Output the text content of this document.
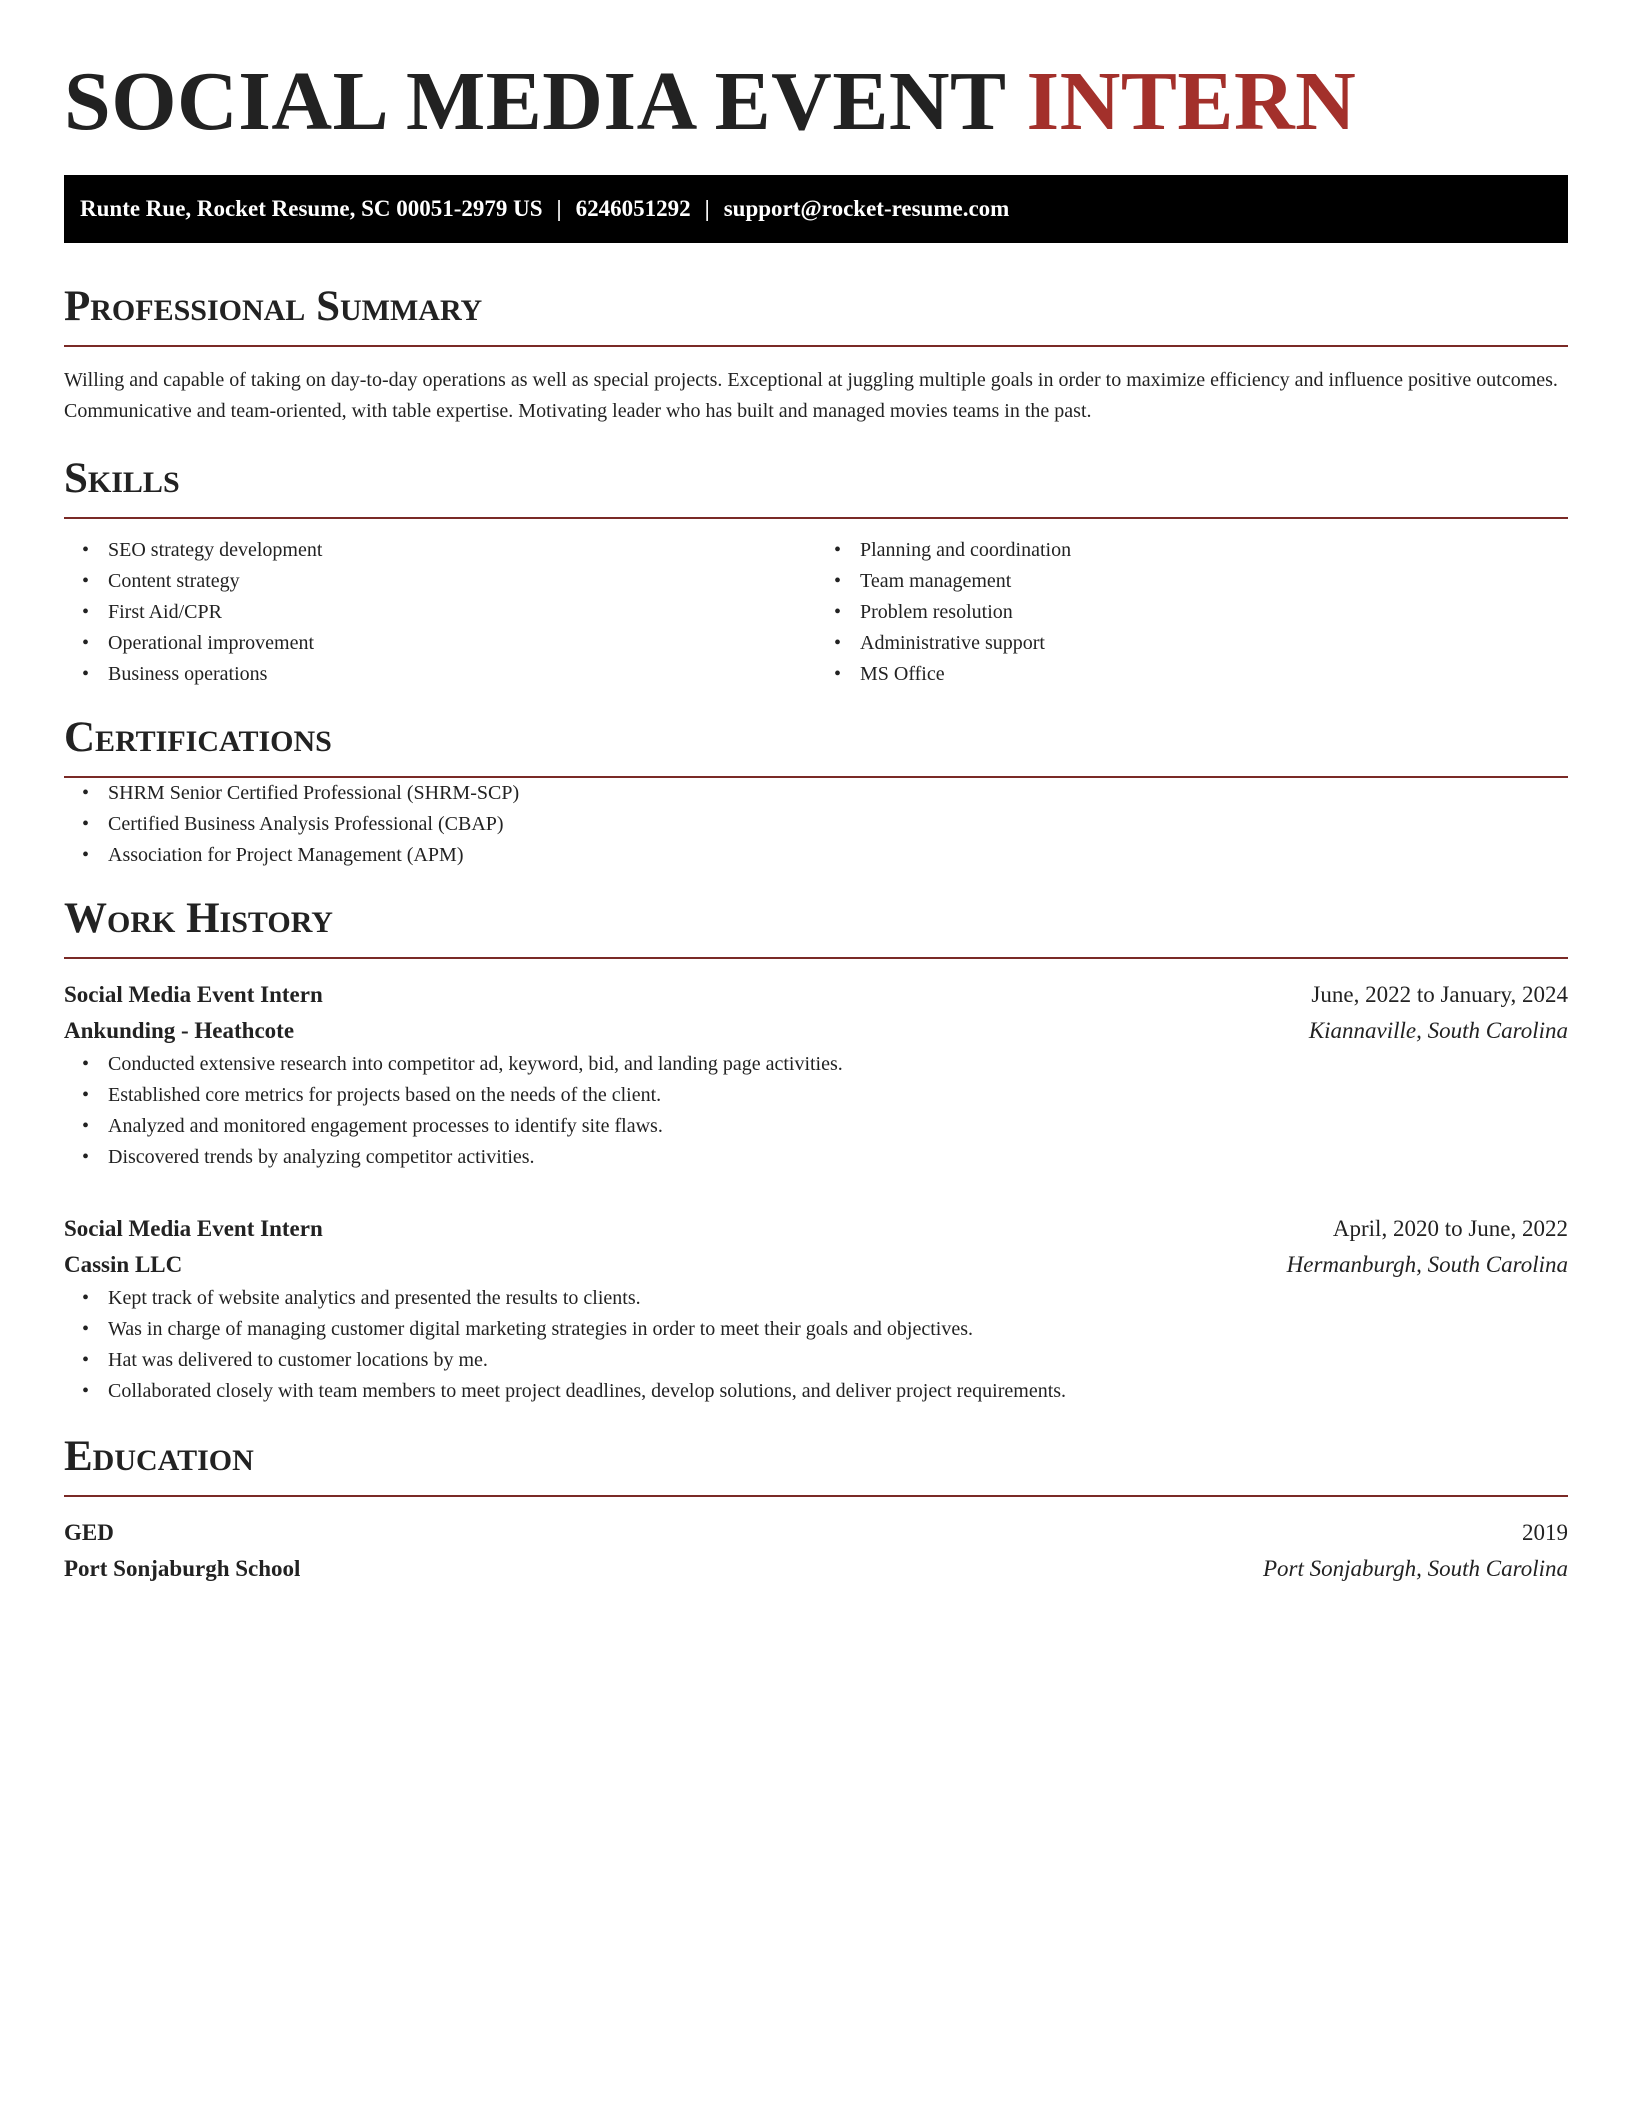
SOCIAL MEDIA EVENT INTERN
Runte Rue, Rocket Resume, SC 00051-2979 US | 6246051292 | support@rocket-resume.com
Professional Summary

Willing and capable of taking on day-to-day operations as well as special projects. Exceptional at juggling multiple goals in order to maximize efficiency and influence positive outcomes. Communicative and team-oriented, with table expertise. Motivating leader who has built and managed movies teams in the past.

Skills
• SEO strategy development
• Content strategy
• First Aid/CPR
• Operational improvement
• Business operations
• Planning and coordination
• Team management
• Problem resolution
• Administrative support
• MS Office
Certifications
• SHRM Senior Certified Professional (SHRM-SCP)
• Certified Business Analysis Professional (CBAP)
• Association for Project Management (APM)
Work History
Social Media Event Intern	June, 2022 to January, 2024
Ankunding - Heathcote	Kiannaville, South Carolina
• Conducted extensive research into competitor ad, keyword, bid, and landing page activities.
• Established core metrics for projects based on the needs of the client.
• Analyzed and monitored engagement processes to identify site flaws.
• Discovered trends by analyzing competitor activities.
Social Media Event Intern	April, 2020 to June, 2022
Cassin LLC	Hermanburgh, South Carolina
• Kept track of website analytics and presented the results to clients.
• Was in charge of managing customer digital marketing strategies in order to meet their goals and objectives.
• Hat was delivered to customer locations by me.
• Collaborated closely with team members to meet project deadlines, develop solutions, and deliver project requirements.
Education
GED	2019
Port Sonjaburgh School	Port Sonjaburgh, South Carolina
